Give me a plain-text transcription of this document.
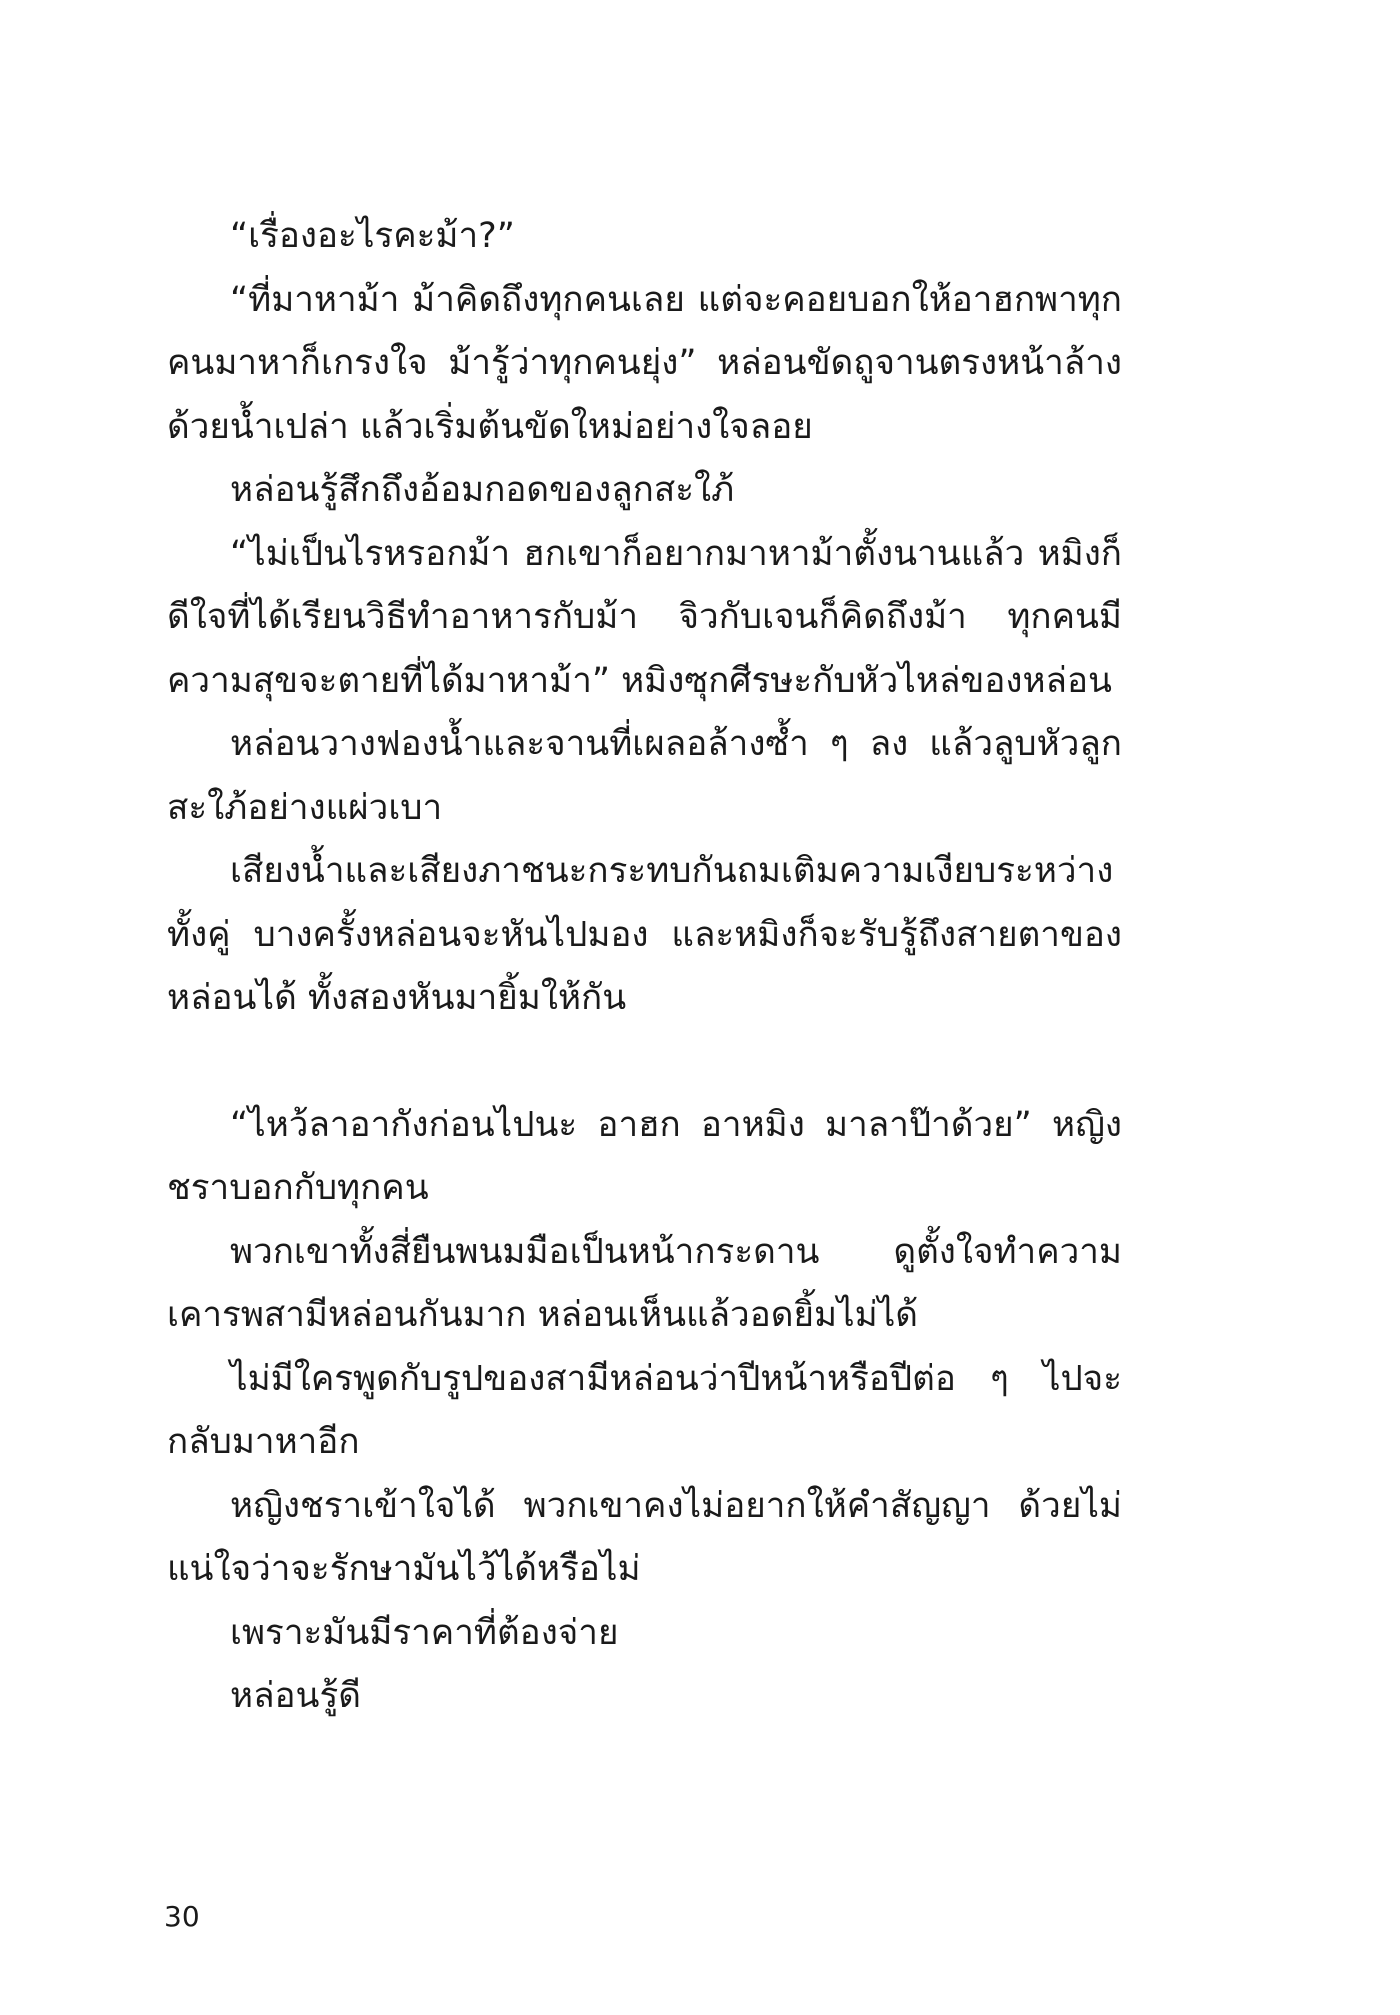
“เรื่องอะไรคะม้า?”

“ที่มาหาม้า ม้าคิดถึงทุกคนเลย แต่จะคอยบอกให้อาฮกพาทุกคนมาหาก็เกรงใจ ม้ารู้ว่าทุกคนยุ่ง” หล่อนขัดถูจานตรงหน้าล้างด้วยน้ำเปล่า แล้วเริ่มต้นขัดใหม่อย่างใจลอย

หล่อนรู้สึกถึงอ้อมกอดของลูกสะใภ้

“ไม่เป็นไรหรอกม้า ฮกเขาก็อยากมาหาม้าตั้งนานแล้ว หมิงก็ดีใจที่ได้เรียนวิธีทำอาหารกับม้า จิวกับเจนก็คิดถึงม้า ทุกคนมีความสุขจะตายที่ได้มาหาม้า” หมิงซุกศีรษะกับหัวไหล่ของหล่อน

หล่อนวางฟองน้ำและจานที่เผลอล้างซ้ำ ๆ ลง แล้วลูบหัวลูกสะใภ้อย่างแผ่วเบา

เสียงน้ำและเสียงภาชนะกระทบกันถมเติมความเงียบระหว่างทั้งคู่ บางครั้งหล่อนจะหันไปมอง และหมิงก็จะรับรู้ถึงสายตาของหล่อนได้ ทั้งสองหันมายิ้มให้กัน

“ไหว้ลาอากังก่อนไปนะ อาฮก อาหมิง มาลาป๊าด้วย” หญิงชราบอกกับทุกคน

พวกเขาทั้งสี่ยืนพนมมือเป็นหน้ากระดาน ดูตั้งใจทำความเคารพสามีหล่อนกันมาก หล่อนเห็นแล้วอดยิ้มไม่ได้

ไม่มีใครพูดกับรูปของสามีหล่อนว่าปีหน้าหรือปีต่อ ๆ ไปจะกลับมาหาอีก

หญิงชราเข้าใจได้ พวกเขาคงไม่อยากให้คำสัญญา ด้วยไม่แน่ใจว่าจะรักษามันไว้ได้หรือไม่

เพราะมันมีราคาที่ต้องจ่าย

หล่อนรู้ดี

30
